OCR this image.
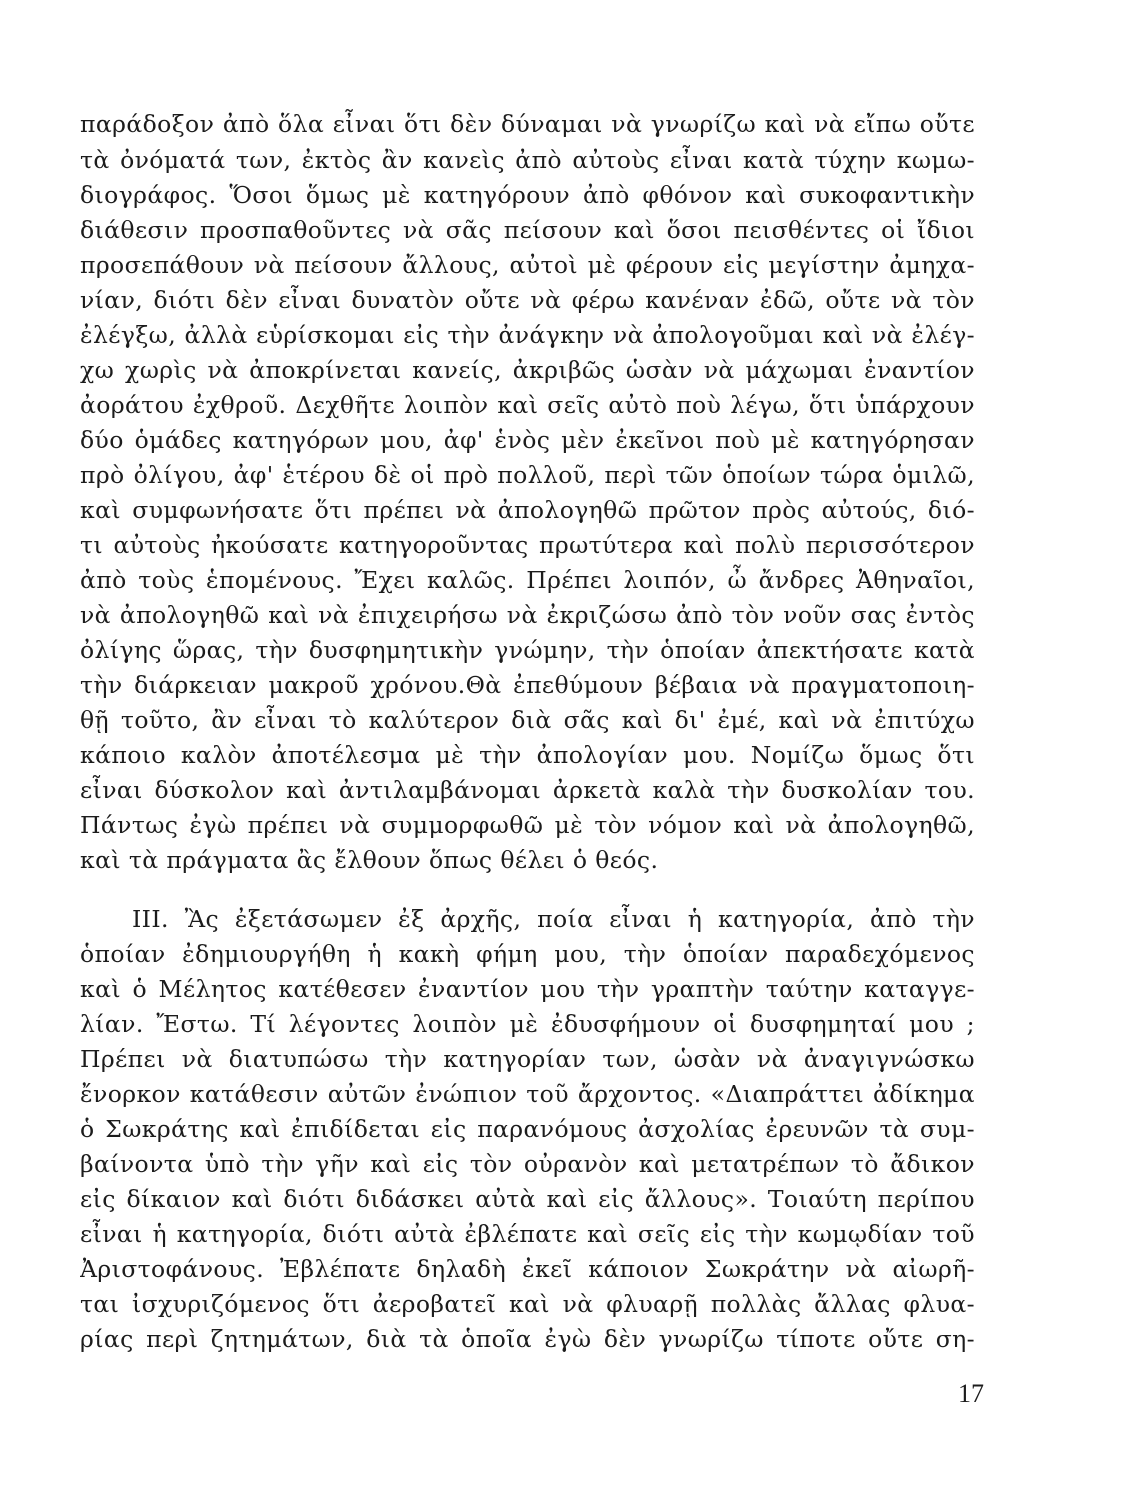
παράδοξον ἀπὸ ὅλα εἶναι ὅτι δὲν δύναμαι νὰ γνωρίζω καὶ νὰ εἴπω οὔτε
τὰ ὀνόματά των, ἐκτὸς ἂν κανεὶς ἀπὸ αὐτοὺς εἶναι κατὰ τύχην κωμω-
διογράφος. Ὅσοι ὅμως μὲ κατηγόρουν ἀπὸ φθόνον καὶ συκοφαντικὴν
διάθεσιν προσπαθοῦντες νὰ σᾶς πείσουν καὶ ὅσοι πεισθέντες οἱ ἴδιοι
προσεπάθουν νὰ πείσουν ἄλλους, αὐτοὶ μὲ φέρουν εἰς μεγίστην ἀμηχα-
νίαν, διότι δὲν εἶναι δυνατὸν οὔτε νὰ φέρω κανέναν ἐδῶ, οὔτε νὰ τὸν
ἐλέγξω, ἀλλὰ εὑρίσκομαι εἰς τὴν ἀνάγκην νὰ ἀπολογοῦμαι καὶ νὰ ἐλέγ-
χω χωρὶς νὰ ἀποκρίνεται κανείς, ἀκριβῶς ὡσὰν νὰ μάχωμαι ἐναντίον
ἀοράτου ἐχθροῦ. Δεχθῆτε λοιπὸν καὶ σεῖς αὐτὸ ποὺ λέγω, ὅτι ὑπάρχουν
δύο ὁμάδες κατηγόρων μου, ἀφ' ἑνὸς μὲν ἐκεῖνοι ποὺ μὲ κατηγόρησαν
πρὸ ὀλίγου, ἀφ' ἑτέρου δὲ οἱ πρὸ πολλοῦ, περὶ τῶν ὁποίων τώρα ὁμιλῶ,
καὶ συμφωνήσατε ὅτι πρέπει νὰ ἀπολογηθῶ πρῶτον πρὸς αὐτούς, διό-
τι αὐτοὺς ἠκούσατε κατηγοροῦντας πρωτύτερα καὶ πολὺ περισσότερον
ἀπὸ τοὺς ἑπομένους. Ἔχει καλῶς. Πρέπει λοιπόν, ὦ ἄνδρες Ἀθηναῖοι,
νὰ ἀπολογηθῶ καὶ νὰ ἐπιχειρήσω νὰ ἐκριζώσω ἀπὸ τὸν νοῦν σας ἐντὸς
ὀλίγης ὥρας, τὴν δυσφημητικὴν γνώμην, τὴν ὁποίαν ἀπεκτήσατε κατὰ
τὴν διάρκειαν μακροῦ χρόνου.Θὰ ἐπεθύμουν βέβαια νὰ πραγματοποιη-
θῇ τοῦτο, ἂν εἶναι τὸ καλύτερον διὰ σᾶς καὶ δι' ἐμέ, καὶ νὰ ἐπιτύχω
κάποιο καλὸν ἀποτέλεσμα μὲ τὴν ἀπολογίαν μου. Νομίζω ὅμως ὅτι
εἶναι δύσκολον καὶ ἀντιλαμβάνομαι ἀρκετὰ καλὰ τὴν δυσκολίαν του.
Πάντως ἐγὼ πρέπει νὰ συμμορφωθῶ μὲ τὸν νόμον καὶ νὰ ἀπολογηθῶ,
καὶ τὰ πράγματα ἂς ἔλθουν ὅπως θέλει ὁ θεός.
III. Ἂς ἐξετάσωμεν ἐξ ἀρχῆς, ποία εἶναι ἡ κατηγορία, ἀπὸ τὴν
ὁποίαν ἐδημιουργήθη ἡ κακὴ φήμη μου, τὴν ὁποίαν παραδεχόμενος
καὶ ὁ Μέλητος κατέθεσεν ἐναντίον μου τὴν γραπτὴν ταύτην καταγγε-
λίαν. Ἔστω. Τί λέγοντες λοιπὸν μὲ ἐδυσφήμουν οἱ δυσφημηταί μου ;
Πρέπει νὰ διατυπώσω τὴν κατηγορίαν των, ὡσὰν νὰ ἀναγιγνώσκω
ἔνορκον κατάθεσιν αὐτῶν ἐνώπιον τοῦ ἄρχοντος. «Διαπράττει ἀδίκημα
ὁ Σωκράτης καὶ ἐπιδίδεται εἰς παρανόμους ἀσχολίας ἐρευνῶν τὰ συμ-
βαίνοντα ὑπὸ τὴν γῆν καὶ εἰς τὸν οὐρανὸν καὶ μετατρέπων τὸ ἄδικον
εἰς δίκαιον καὶ διότι διδάσκει αὐτὰ καὶ εἰς ἄλλους». Τοιαύτη περίπου
εἶναι ἡ κατηγορία, διότι αὐτὰ ἐβλέπατε καὶ σεῖς εἰς τὴν κωμῳδίαν τοῦ
Ἀριστοφάνους. Ἐβλέπατε δηλαδὴ ἐκεῖ κάποιον Σωκράτην νὰ αἰωρῆ-
ται ἰσχυριζόμενος ὅτι ἀεροβατεῖ καὶ νὰ φλυαρῇ πολλὰς ἄλλας φλυα-
ρίας περὶ ζητημάτων, διὰ τὰ ὁποῖα ἐγὼ δὲν γνωρίζω τίποτε οὔτε ση-
17
